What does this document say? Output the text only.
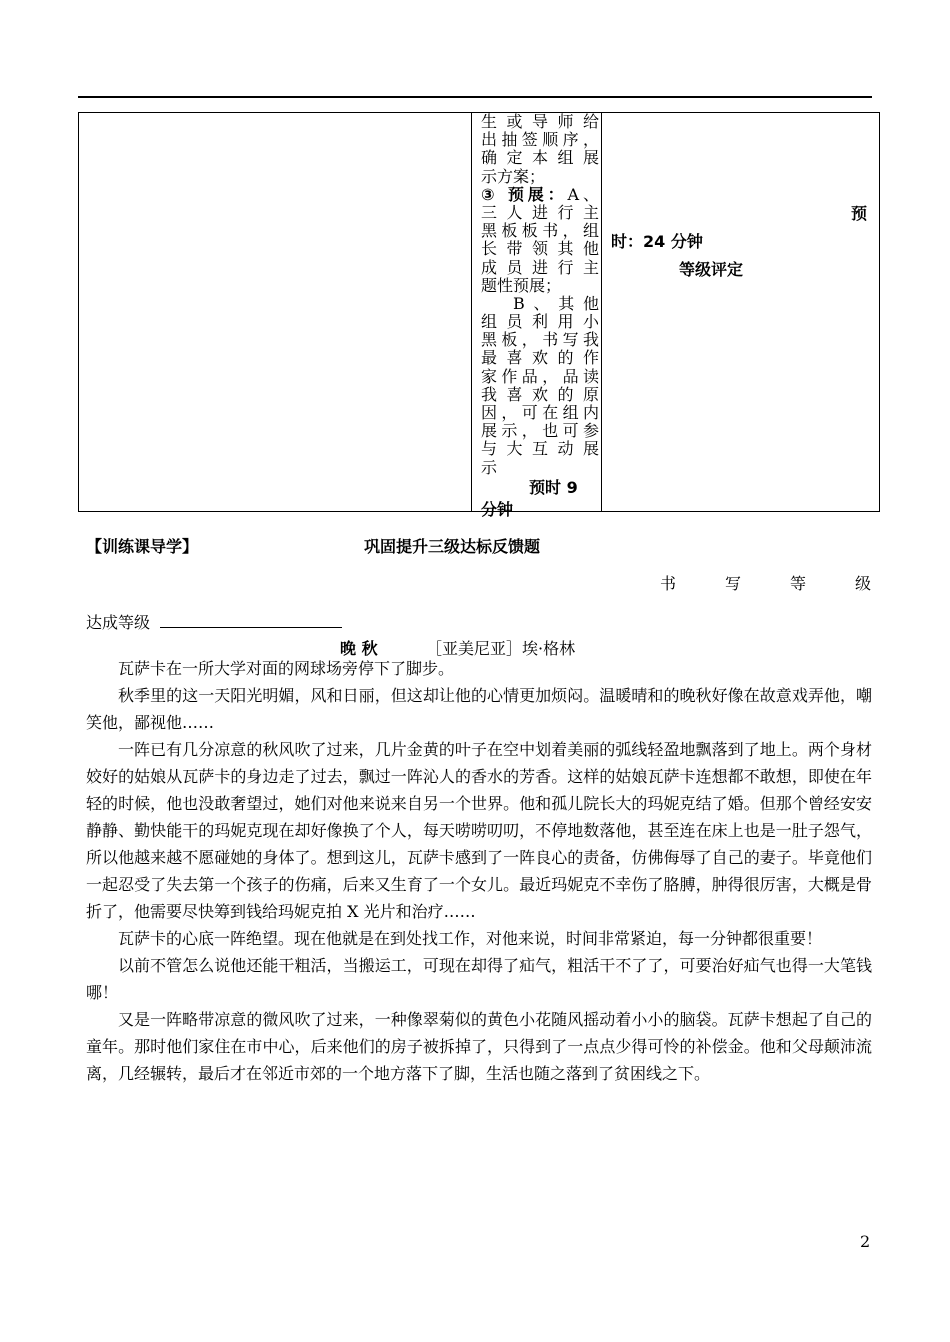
生或导师给
出抽签顺序，
确定本组展
示方案；
③ 预展：A、
三人进行主
黑板板书，组
长带领其他
成员进行主
题性预展；
B、其他
组员利用小
黑板，书写我
最喜欢的作
家作品，品读
我喜欢的原
因，可在组内
展示，也可参
与大互动展
示
预时 9
分钟
预
时：24 分钟
等级评定
【训练课导学】	巩固提升三级达标反馈题
书	写	等	级
达成等级
晚 秋	［亚美尼亚］埃·格林
瓦萨卡在一所大学对面的网球场旁停下了脚步。
秋季里的这一天阳光明媚，风和日丽，但这却让他的心情更加烦闷。温暖晴和的晚秋好像在故意戏弄他，嘲笑他，鄙视他……
一阵已有几分凉意的秋风吹了过来，几片金黄的叶子在空中划着美丽的弧线轻盈地飘落到了地上。两个身材姣好的姑娘从瓦萨卡的身边走了过去，飘过一阵沁人的香水的芳香。这样的姑娘瓦萨卡连想都不敢想，即使在年轻的时候，他也没敢奢望过，她们对他来说来自另一个世界。他和孤儿院长大的玛妮克结了婚。但那个曾经安安静静、勤快能干的玛妮克现在却好像换了个人，每天唠唠叨叨，不停地数落他，甚至连在床上也是一肚子怨气，所以他越来越不愿碰她的身体了。想到这儿，瓦萨卡感到了一阵良心的责备，仿佛侮辱了自己的妻子。毕竟他们一起忍受了失去第一个孩子的伤痛，后来又生育了一个女儿。最近玛妮克不幸伤了胳膊，肿得很厉害，大概是骨折了，他需要尽快筹到钱给玛妮克拍 X 光片和治疗……
瓦萨卡的心底一阵绝望。现在他就是在到处找工作，对他来说，时间非常紧迫，每一分钟都很重要！
以前不管怎么说他还能干粗活，当搬运工，可现在却得了疝气，粗活干不了了，可要治好疝气也得一大笔钱哪！
又是一阵略带凉意的微风吹了过来，一种像翠菊似的黄色小花随风摇动着小小的脑袋。瓦萨卡想起了自己的童年。那时他们家住在市中心，后来他们的房子被拆掉了，只得到了一点点少得可怜的补偿金。他和父母颠沛流离，几经辗转，最后才在邻近市郊的一个地方落下了脚，生活也随之落到了贫困线之下。
2
